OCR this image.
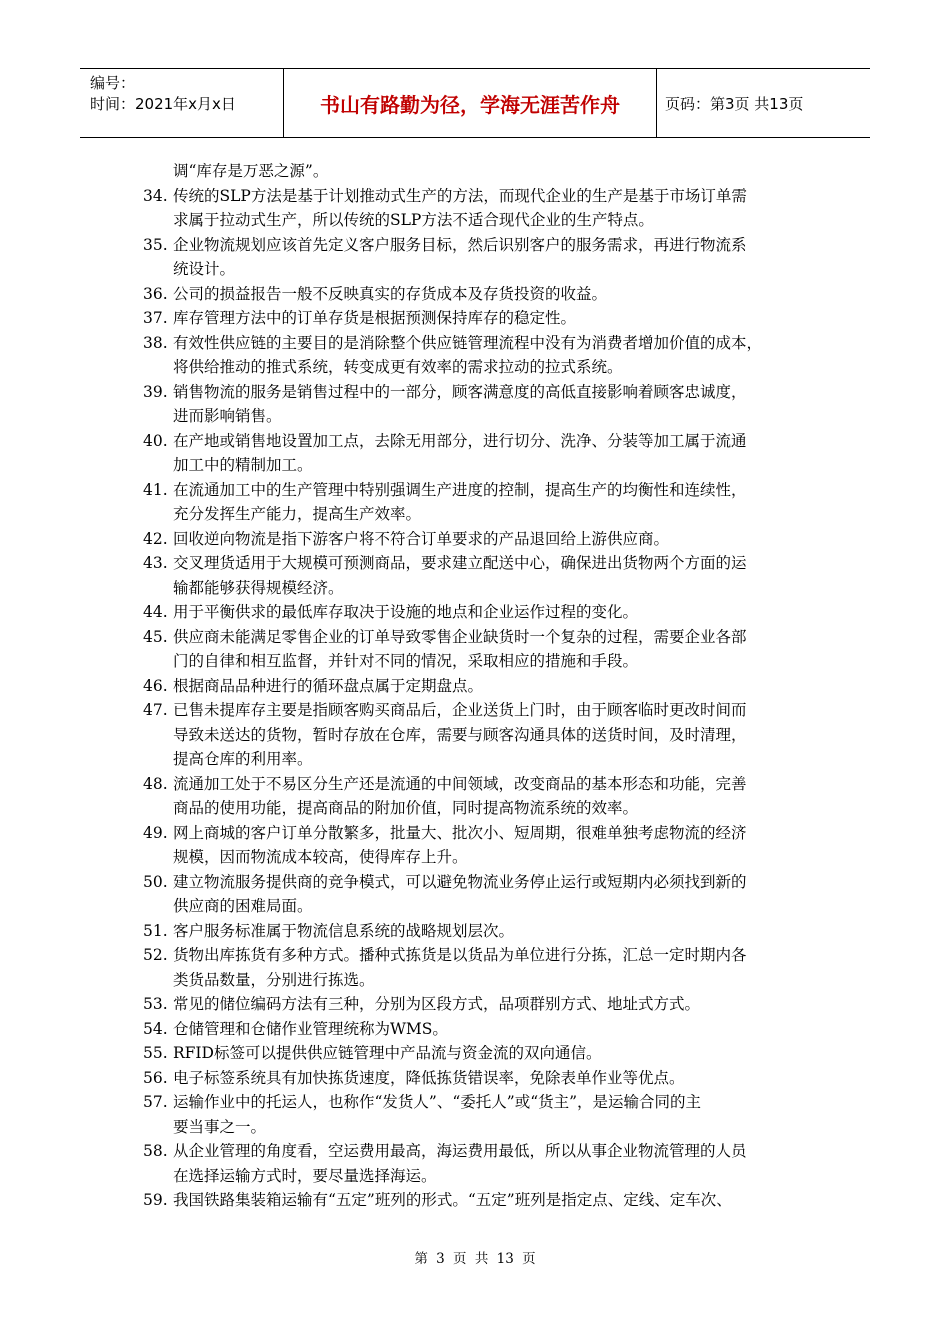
编号：
时间：2021年x月x日	书山有路勤为径，学海无涯苦作舟	页码：第3页 共13页
调“库存是万恶之源”。
34. 传统的SLP方法是基于计划推动式生产的方法，而现代企业的生产是基于市场订单需
求属于拉动式生产，所以传统的SLP方法不适合现代企业的生产特点。
35. 企业物流规划应该首先定义客户服务目标，然后识别客户的服务需求，再进行物流系
统设计。
36. 公司的损益报告一般不反映真实的存货成本及存货投资的收益。
37. 库存管理方法中的订单存货是根据预测保持库存的稳定性。
38. 有效性供应链的主要目的是消除整个供应链管理流程中没有为消费者增加价值的成本，
将供给推动的推式系统，转变成更有效率的需求拉动的拉式系统。
39. 销售物流的服务是销售过程中的一部分，顾客满意度的高低直接影响着顾客忠诚度，
进而影响销售。
40. 在产地或销售地设置加工点，去除无用部分，进行切分、洗净、分装等加工属于流通
加工中的精制加工。
41. 在流通加工中的生产管理中特别强调生产进度的控制，提高生产的均衡性和连续性，
充分发挥生产能力，提高生产效率。
42. 回收逆向物流是指下游客户将不符合订单要求的产品退回给上游供应商。
43. 交叉理货适用于大规模可预测商品，要求建立配送中心，确保进出货物两个方面的运
输都能够获得规模经济。
44. 用于平衡供求的最低库存取决于设施的地点和企业运作过程的变化。
45. 供应商未能满足零售企业的订单导致零售企业缺货时一个复杂的过程，需要企业各部
门的自律和相互监督，并针对不同的情况，采取相应的措施和手段。
46. 根据商品品种进行的循环盘点属于定期盘点。
47. 已售未提库存主要是指顾客购买商品后，企业送货上门时，由于顾客临时更改时间而
导致未送达的货物，暂时存放在仓库，需要与顾客沟通具体的送货时间，及时清理，
提高仓库的利用率。
48. 流通加工处于不易区分生产还是流通的中间领域，改变商品的基本形态和功能，完善
商品的使用功能，提高商品的附加价值，同时提高物流系统的效率。
49. 网上商城的客户订单分散繁多，批量大、批次小、短周期，很难单独考虑物流的经济
规模，因而物流成本较高，使得库存上升。
50. 建立物流服务提供商的竞争模式，可以避免物流业务停止运行或短期内必须找到新的
供应商的困难局面。
51. 客户服务标准属于物流信息系统的战略规划层次。
52. 货物出库拣货有多种方式。播种式拣货是以货品为单位进行分拣，汇总一定时期内各
类货品数量，分别进行拣选。
53. 常见的储位编码方法有三种，分别为区段方式，品项群别方式、地址式方式。
54. 仓储管理和仓储作业管理统称为WMS。
55. RFID标签可以提供供应链管理中产品流与资金流的双向通信。
56. 电子标签系统具有加快拣货速度，降低拣货错误率，免除表单作业等优点。
57. 运输作业中的托运人，也称作“发货人”、“委托人”或“货主”，是运输合同的主
要当事之一。
58. 从企业管理的角度看，空运费用最高，海运费用最低，所以从事企业物流管理的人员
在选择运输方式时，要尽量选择海运。
59. 我国铁路集装箱运输有“五定”班列的形式。“五定”班列是指定点、定线、定车次、
第 3 页 共 13 页
